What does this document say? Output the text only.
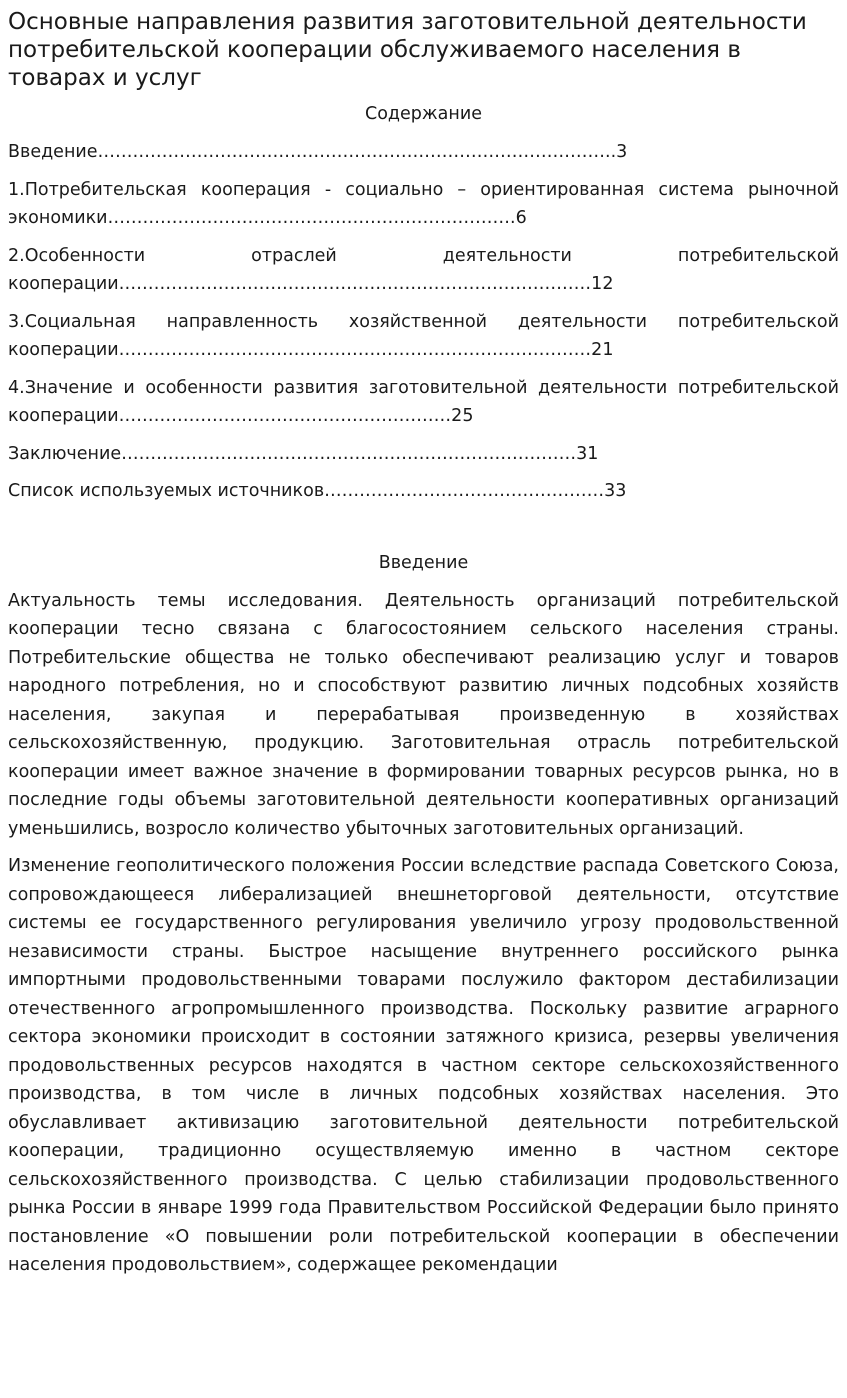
Основные направления развития заготовительной деятельности потребительской кооперации обслуживаемого населения в товарах и услуг
Содержание
Введение……………………………………………………………………………..3
1.Потребительская кооперация - социально – ориентированная система рыночной экономики…………………………………………………………….6
2.Особенности отраслей деятельности потребительской кооперации………………………………………………………………………12
3.Социальная направленность хозяйственной деятельности потребительской кооперации………………………………………………………………………21
4.Значение и особенности развития заготовительной деятельности потребительской кооперации…………………………………………………25
Заключение……………………………………………………………………31
Список используемых источников…………………………………………33
Введение

Актуальность темы исследования. Деятельность организаций потребительской кооперации тесно связана с благосостоянием сельского населения страны. Потребительские общества не только обеспечивают реализацию услуг и товаров народного потребления, но и способствуют развитию личных подсобных хозяйств населения, закупая и перерабатывая произведенную в хозяйствах сельскохозяйственную, продукцию. Заготовительная отрасль потребительской кооперации имеет важное значение в формировании товарных ресурсов рынка, но в последние годы объемы заготовительной деятельности кооперативных организаций уменьшились, возросло количество убыточных заготовительных организаций.

Изменение геополитического положения России вследствие распада Советского Союза, сопровождающееся либерализацией внешнеторговой деятельности, отсутствие системы ее государственного регулирования увеличило угрозу продовольственной независимости страны. Быстрое насыщение внутреннего российского рынка импортными продовольственными товарами послужило фактором дестабилизации отечественного агропромышленного производства. Поскольку развитие аграрного сектора экономики происходит в состоянии затяжного кризиса, резервы увеличения продовольственных ресурсов находятся в частном секторе сельскохозяйственного производства, в том числе в личных подсобных хозяйствах населения. Это обуславливает активизацию заготовительной деятельности потребительской кооперации, традиционно осуществляемую именно в частном секторе сельскохозяйственного производства. С целью стабилизации продовольственного рынка России в январе 1999 года Правительством Российской Федерации было принято постановление «О повышении роли потребительской кооперации в обеспечении населения продовольствием», содержащее рекомендации
